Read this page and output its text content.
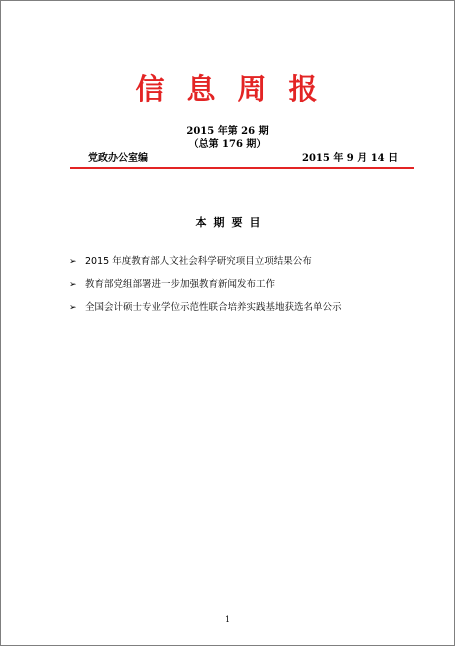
信息周报
2015 年第 26 期
（总第 176 期）
党政办公室编	2015 年 9 月 14 日
本期要目
➢ 2015 年度教育部人文社会科学研究项目立项结果公布
➢ 教育部党组部署进一步加强教育新闻发布工作
➢ 全国会计硕士专业学位示范性联合培养实践基地获选名单公示
1
